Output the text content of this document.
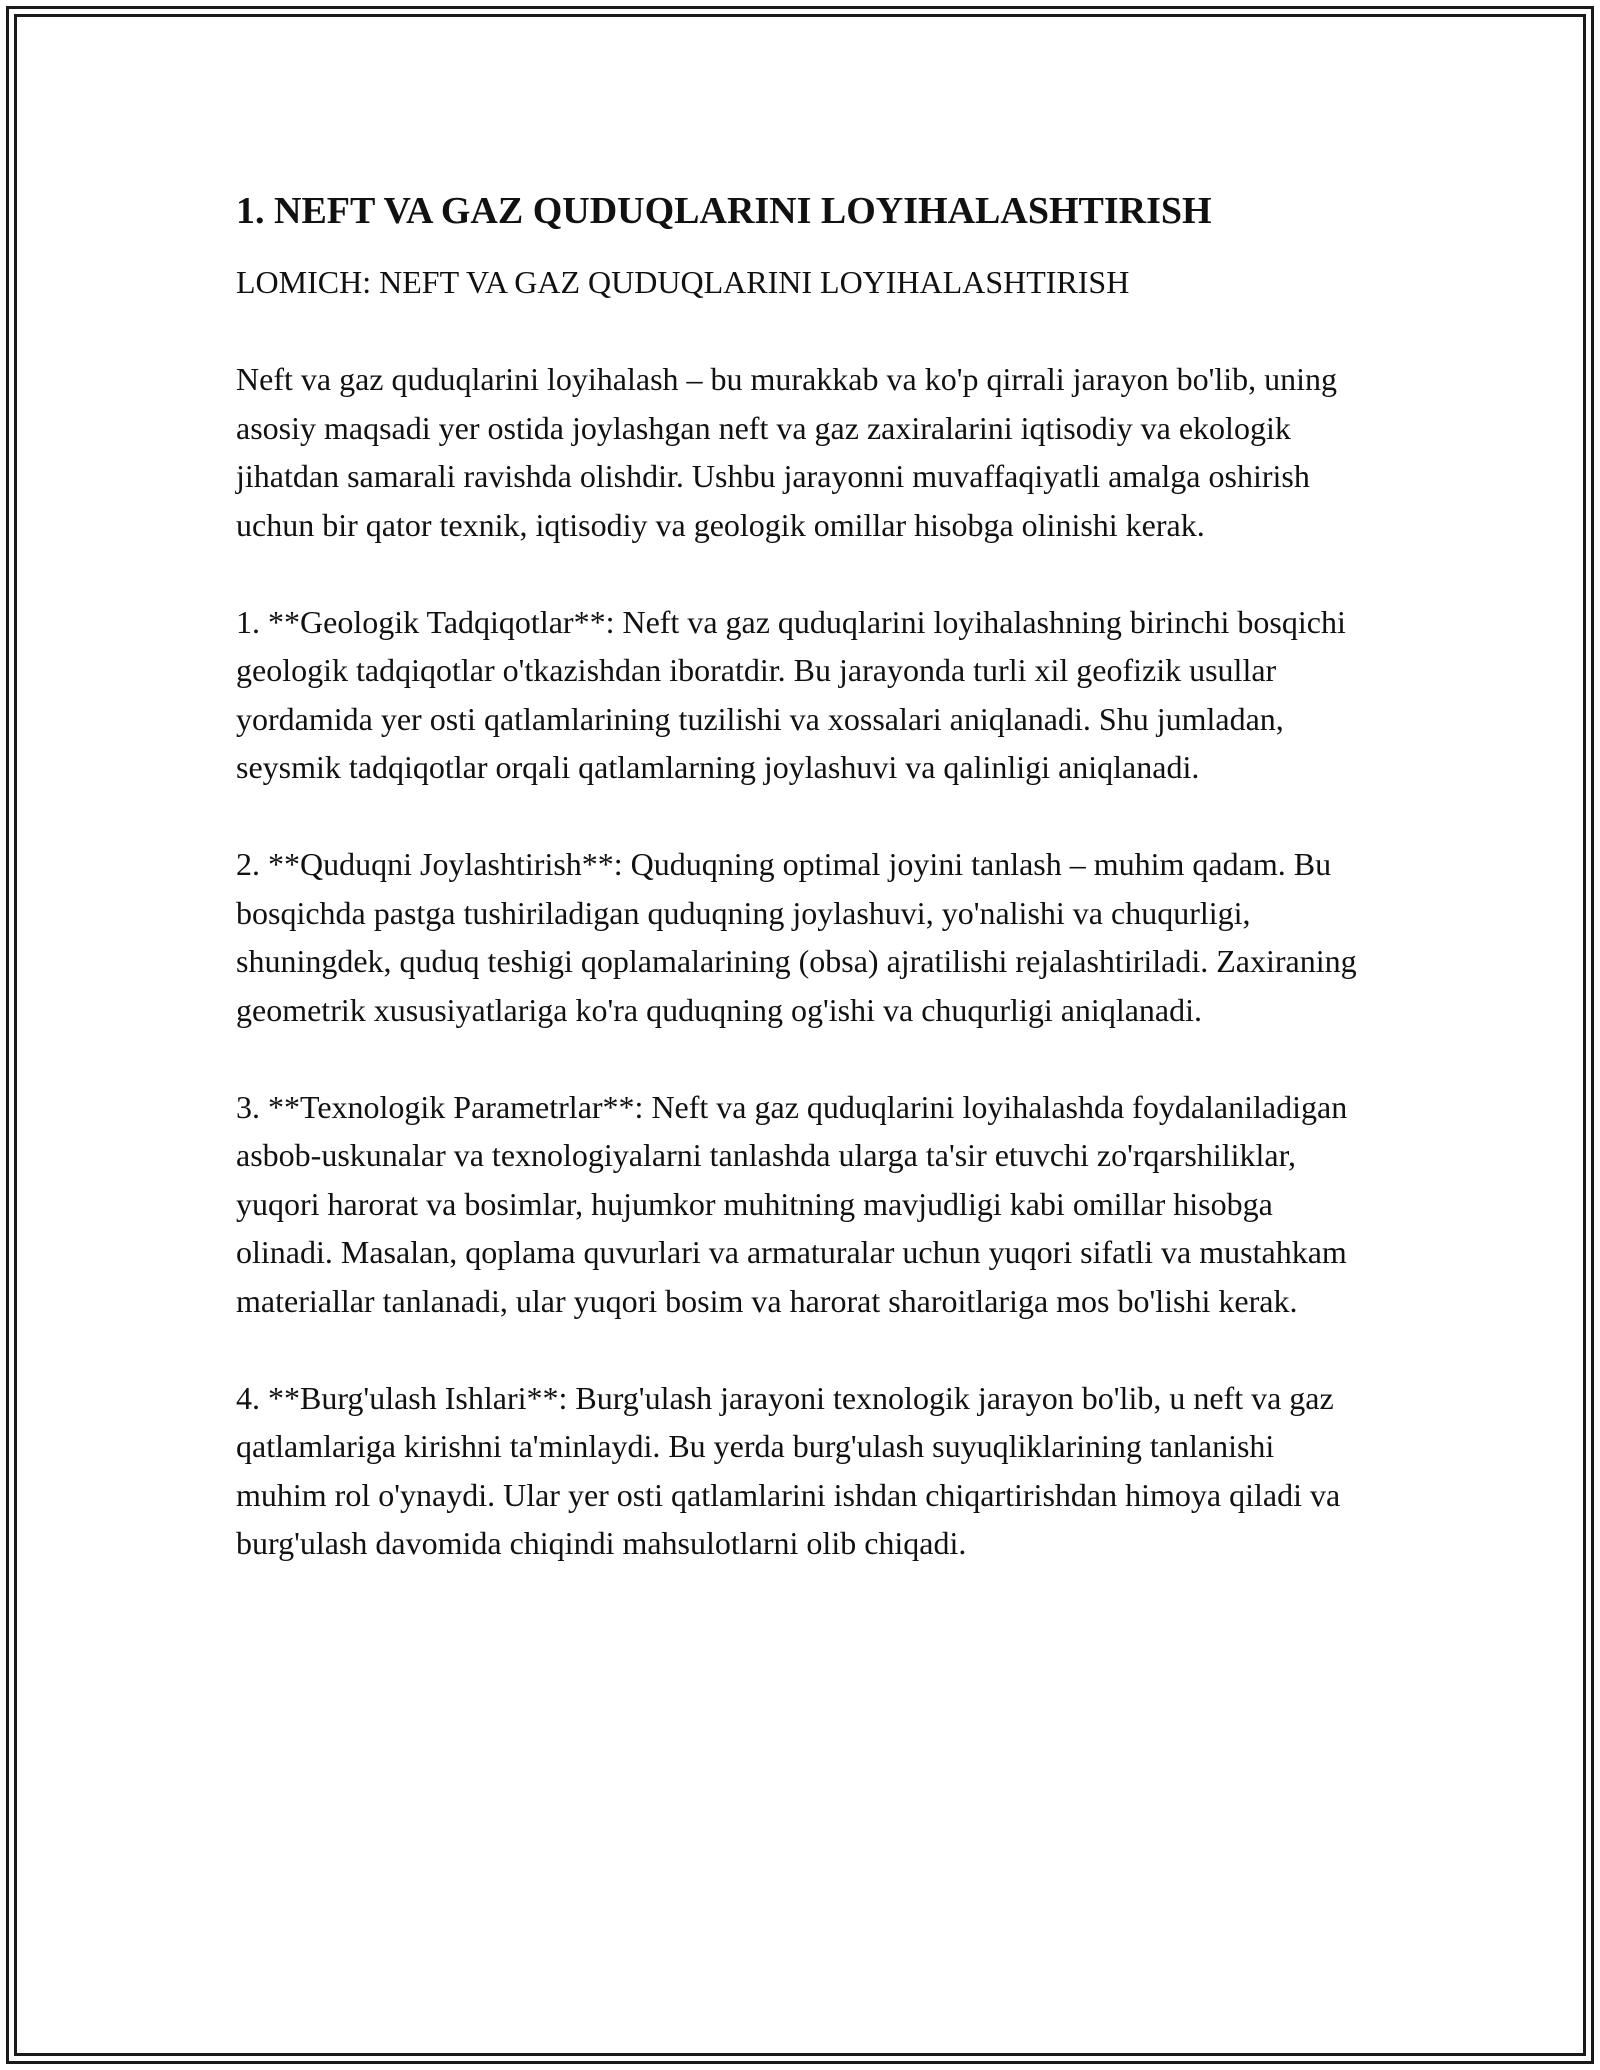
1. NEFT VA GAZ QUDUQLARINI LOYIHALASHTIRISH

LOMICH: NEFT VA GAZ QUDUQLARINI LOYIHALASHTIRISH

Neft va gaz quduqlarini loyihalash – bu murakkab va ko'p qirrali jarayon bo'lib, uning asosiy maqsadi yer ostida joylashgan neft va gaz zaxiralarini iqtisodiy va ekologik jihatdan samarali ravishda olishdir. Ushbu jarayonni muvaffaqiyatli amalga oshirish uchun bir qator texnik, iqtisodiy va geologik omillar hisobga olinishi kerak.

1. **Geologik Tadqiqotlar**: Neft va gaz quduqlarini loyihalashning birinchi bosqichi geologik tadqiqotlar o'tkazishdan iboratdir. Bu jarayonda turli xil geofizik usullar yordamida yer osti qatlamlarining tuzilishi va xossalari aniqlanadi. Shu jumladan, seysmik tadqiqotlar orqali qatlamlarning joylashuvi va qalinligi aniqlanadi.

2. **Quduqni Joylashtirish**: Quduqning optimal joyini tanlash – muhim qadam. Bu bosqichda pastga tushiriladigan quduqning joylashuvi, yo'nalishi va chuqurligi, shuningdek, quduq teshigi qoplamalarining (obsa) ajratilishi rejalashtiriladi. Zaxiraning geometrik xususiyatlariga ko'ra quduqning og'ishi va chuqurligi aniqlanadi.

3. **Texnologik Parametrlar**: Neft va gaz quduqlarini loyihalashda foydalaniladigan asbob-uskunalar va texnologiyalarni tanlashda ularga ta'sir etuvchi zo'rqarshiliklar, yuqori harorat va bosimlar, hujumkor muhitning mavjudligi kabi omillar hisobga olinadi. Masalan, qoplama quvurlari va armaturalar uchun yuqori sifatli va mustahkam materiallar tanlanadi, ular yuqori bosim va harorat sharoitlariga mos bo'lishi kerak.

4. **Burg'ulash Ishlari**: Burg'ulash jarayoni texnologik jarayon bo'lib, u neft va gaz qatlamlariga kirishni ta'minlaydi. Bu yerda burg'ulash suyuqliklarining tanlanishi muhim rol o'ynaydi. Ular yer osti qatlamlarini ishdan chiqartirishdan himoya qiladi va burg'ulash davomida chiqindi mahsulotlarni olib chiqadi.
